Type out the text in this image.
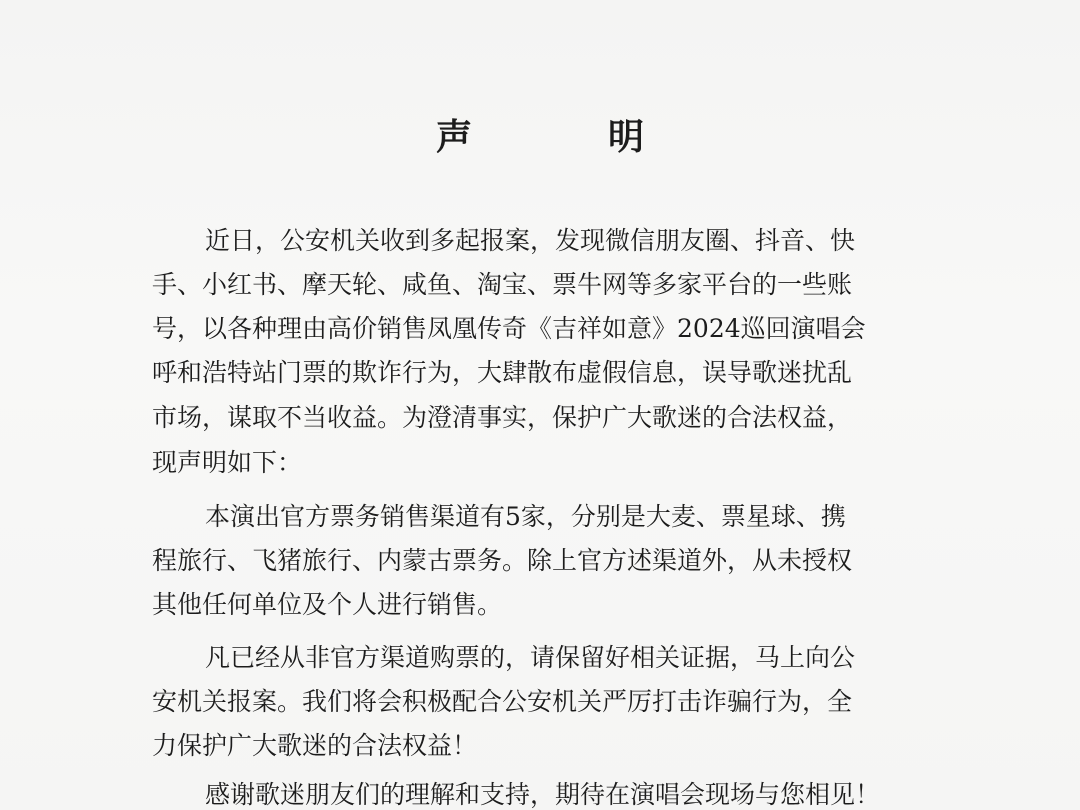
声　明
近日，公安机关收到多起报案，发现微信朋友圈、抖音、快
手、小红书、摩天轮、咸鱼、淘宝、票牛网等多家平台的一些账
号，以各种理由高价销售凤凰传奇《吉祥如意》2024巡回演唱会
呼和浩特站门票的欺诈行为，大肆散布虚假信息，误导歌迷扰乱
市场，谋取不当收益。为澄清事实，保护广大歌迷的合法权益，
现声明如下：
本演出官方票务销售渠道有5家，分别是大麦、票星球、携
程旅行、飞猪旅行、内蒙古票务。除上官方述渠道外，从未授权
其他任何单位及个人进行销售。
凡已经从非官方渠道购票的，请保留好相关证据，马上向公
安机关报案。我们将会积极配合公安机关严厉打击诈骗行为，全
力保护广大歌迷的合法权益！
感谢歌迷朋友们的理解和支持，期待在演唱会现场与您相见！
